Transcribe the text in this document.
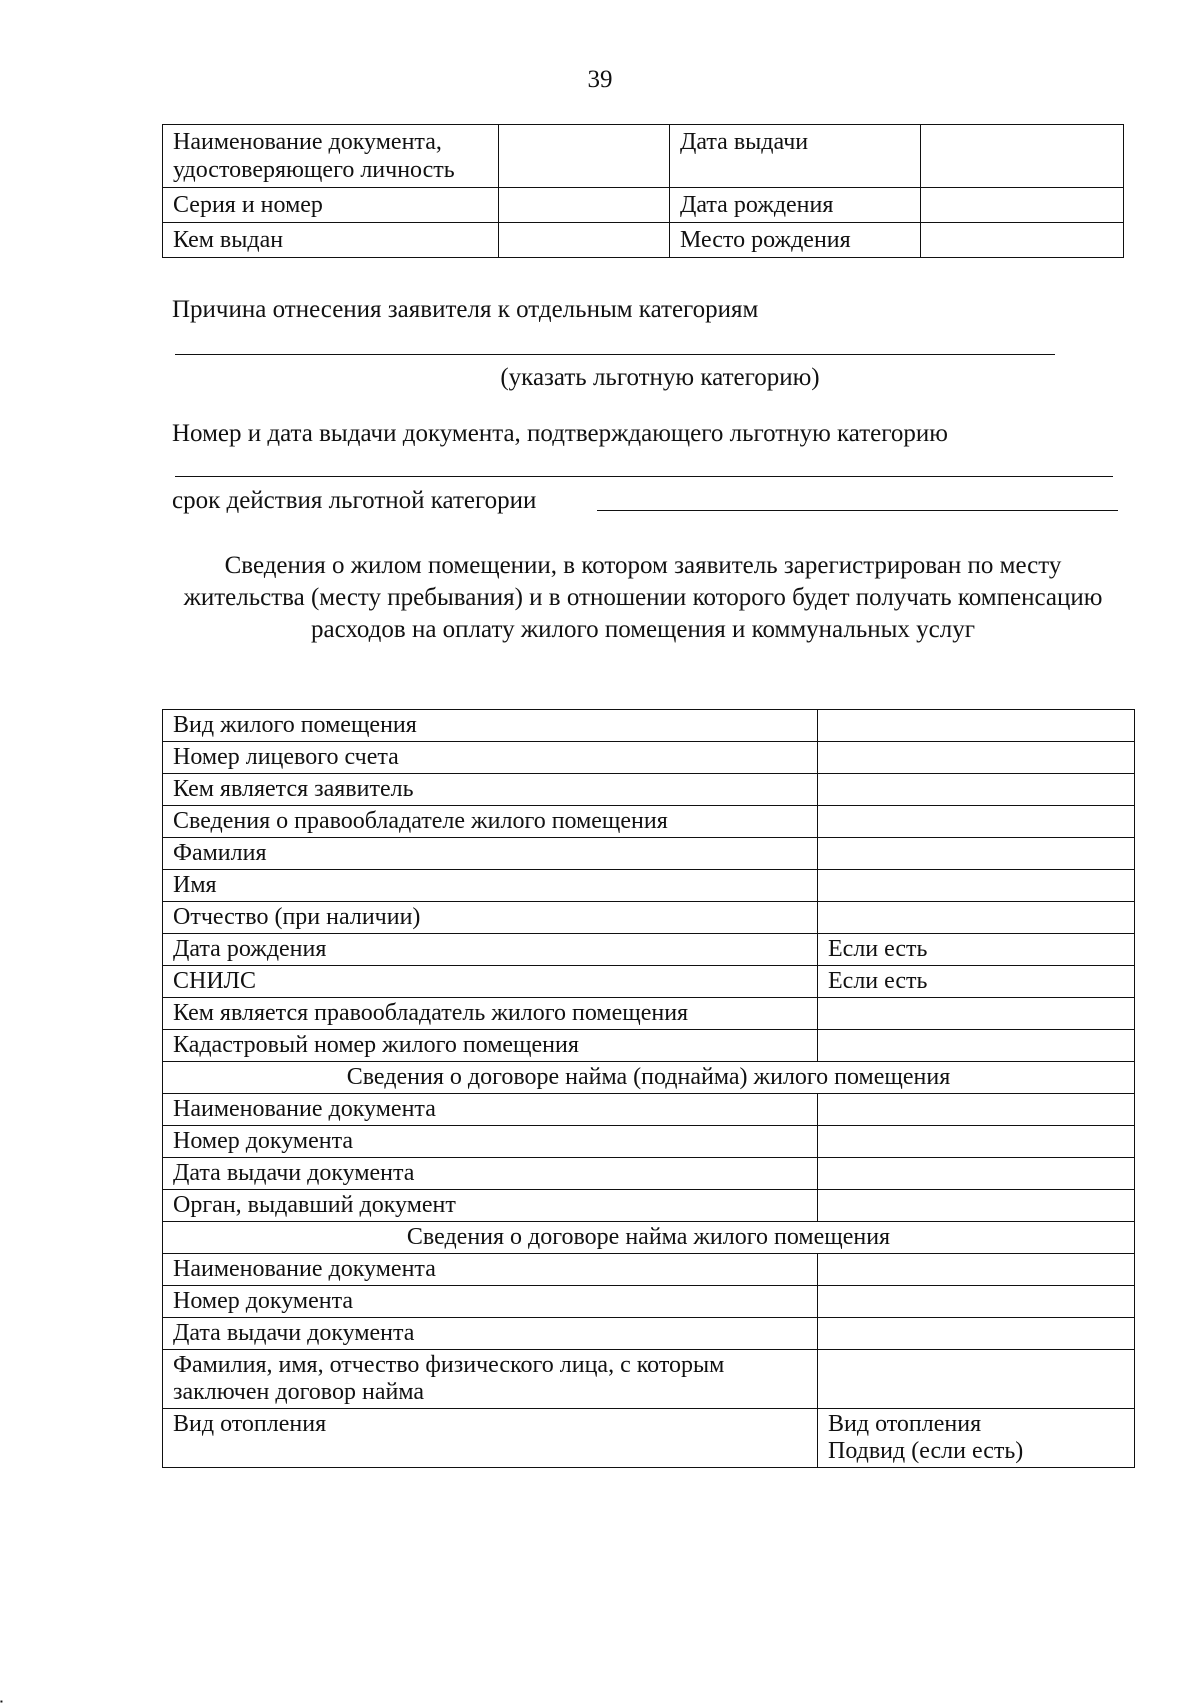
39
Наименование документа, удостоверяющего личность		Дата выдачи	
Серия и номер		Дата рождения	
Кем выдан		Место рождения	
Причина отнесения заявителя к отдельным категориям
(указать льготную категорию)
Номер и дата выдачи документа, подтверждающего льготную категорию
срок действия льготной категории
Сведения о жилом помещении, в котором заявитель зарегистрирован по месту жительства (месту пребывания) и в отношении которого будет получать компенсацию расходов на оплату жилого помещения и коммунальных услуг
Вид жилого помещения	
Номер лицевого счета	
Кем является заявитель	
Сведения о правообладателе жилого помещения	
Фамилия	
Имя	
Отчество (при наличии)	
Дата рождения	Если есть
СНИЛС	Если есть
Кем является правообладатель жилого помещения	
Кадастровый номер жилого помещения	
Сведения о договоре найма (поднайма) жилого помещения	
Наименование документа	
Номер документа	
Дата выдачи документа	
Орган, выдавший документ	
Сведения о договоре найма жилого помещения	
Наименование документа	
Номер документа	
Дата выдачи документа	
Фамилия, имя, отчество физического лица, с которым заключен договор найма	
Вид отопления	Вид отопления
Подвид (если есть)
▪
